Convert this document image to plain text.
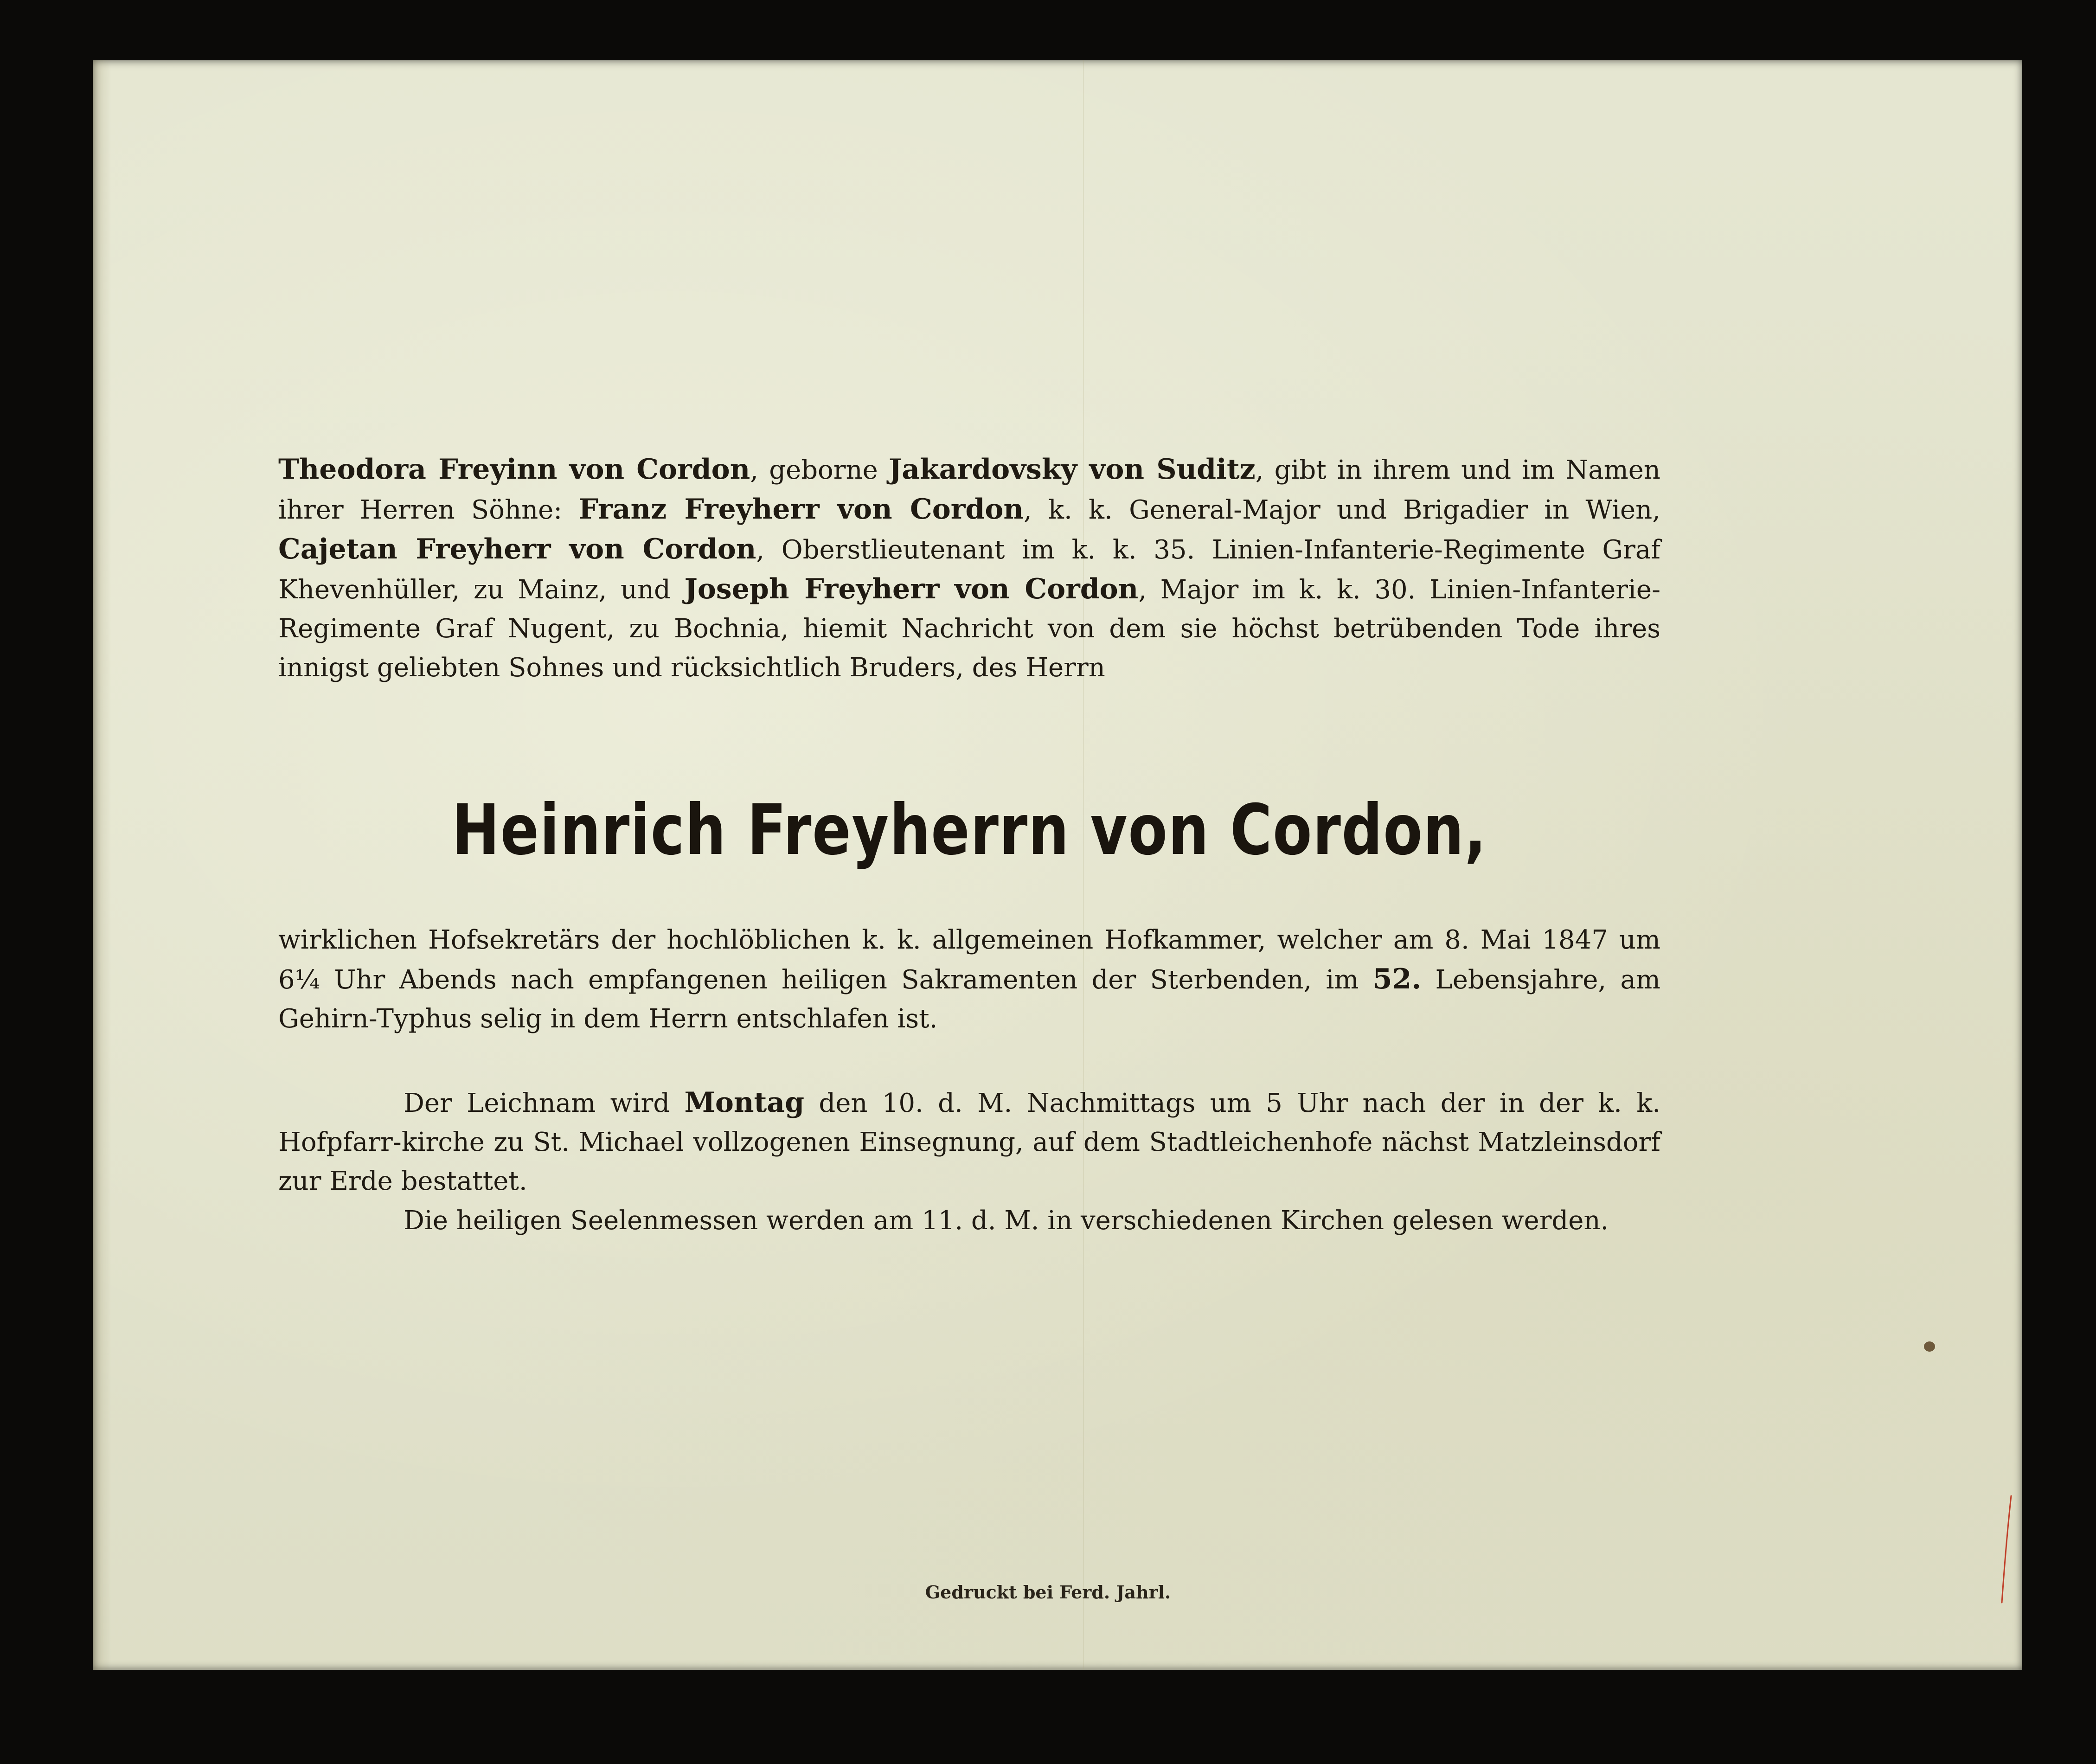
Theodora Freyinn von Cordon, geborne Jakardovsky von Suditz, gibt in ihrem und im Namen ihrer Herren Söhne: Franz Freyherr von Cordon, k. k. General-Major und Brigadier in Wien, Cajetan Freyherr von Cordon, Oberstlieutenant im k. k. 35. Linien-Infanterie-Regimente Graf Khevenhüller, zu Mainz, und Joseph Freyherr von Cordon, Major im k. k. 30. Linien-Infanterie-Regimente Graf Nugent, zu Bochnia, hiemit Nachricht von dem sie höchst betrübenden Tode ihres innigst geliebten Sohnes und rücksichtlich Bruders, des Herrn

Heinrich Freyherrn von Cordon,

wirklichen Hofsekretärs der hochlöblichen k. k. allgemeinen Hofkammer, welcher am 8. Mai 1847 um 6¼ Uhr Abends nach empfangenen heiligen Sakramenten der Sterbenden, im 52. Lebensjahre, am Gehirn-Typhus selig in dem Herrn entschlafen ist.

Der Leichnam wird Montag den 10. d. M. Nachmittags um 5 Uhr nach der in der k. k. Hofpfarr-kirche zu St. Michael vollzogenen Einsegnung, auf dem Stadtleichenhofe nächst Matzleinsdorf zur Erde bestattet.

Die heiligen Seelenmessen werden am 11. d. M. in verschiedenen Kirchen gelesen werden.
Gedruckt bei Ferd. Jahrl.
